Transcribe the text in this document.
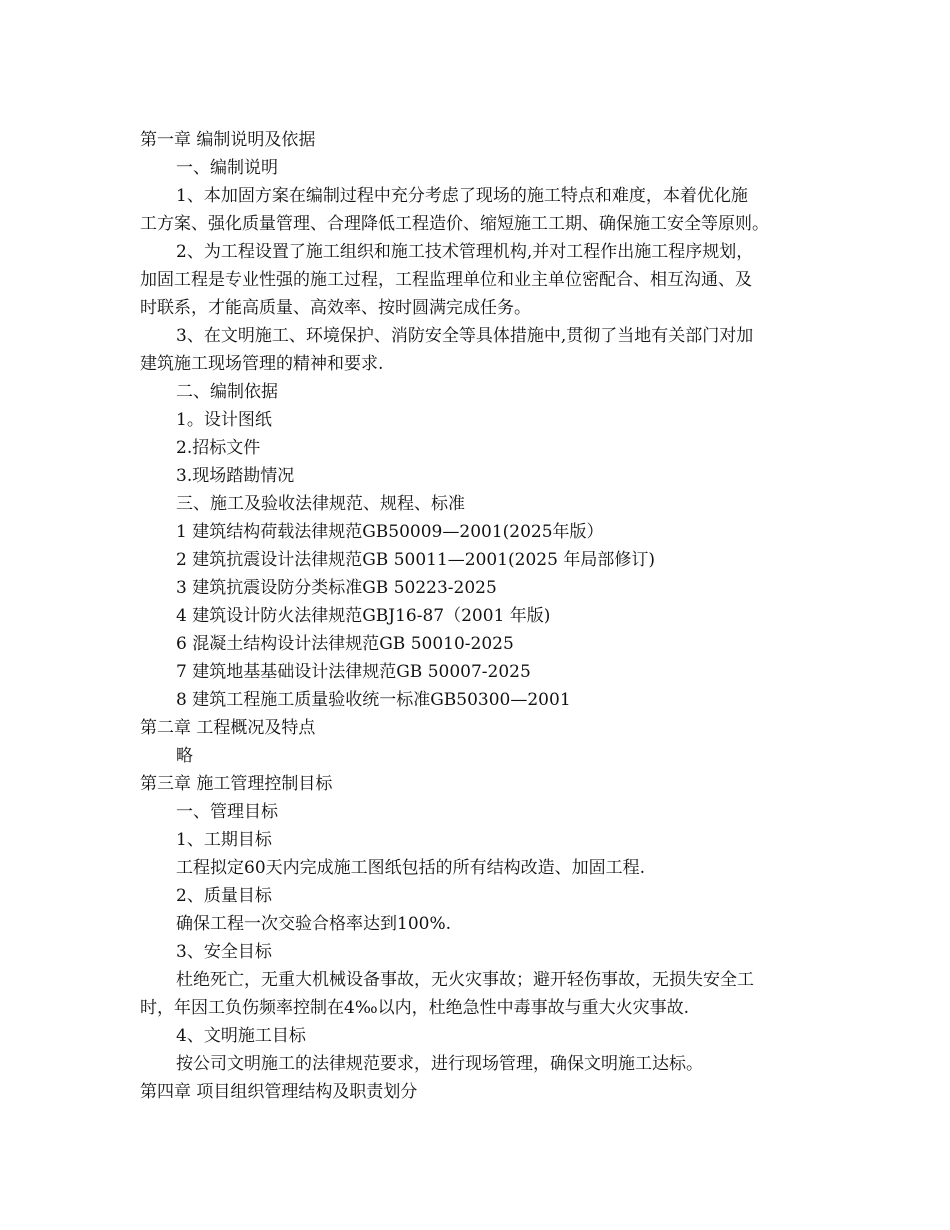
第一章 编制说明及依据
一、编制说明
1、本加固方案在编制过程中充分考虑了现场的施工特点和难度，本着优化施
工方案、强化质量管理、合理降低工程造价、缩短施工工期、确保施工安全等原则。
2、为工程设置了施工组织和施工技术管理机构,并对工程作出施工程序规划，
加固工程是专业性强的施工过程，工程监理单位和业主单位密配合、相互沟通、及
时联系，才能高质量、高效率、按时圆满完成任务。
3、在文明施工、环境保护、消防安全等具体措施中,贯彻了当地有关部门对加
建筑施工现场管理的精神和要求.
二、编制依据
1。设计图纸
2.招标文件
3.现场踏勘情况
三、施工及验收法律规范、规程、标准
1 建筑结构荷载法律规范GB50009—2001(2025年版）
2 建筑抗震设计法律规范GB 50011—2001(2025 年局部修订)
3 建筑抗震设防分类标准GB 50223-2025
4 建筑设计防火法律规范GBJ16-87（2001 年版)
6 混凝土结构设计法律规范GB 50010-2025
7 建筑地基基础设计法律规范GB 50007-2025
8 建筑工程施工质量验收统一标准GB50300—2001
第二章 工程概况及特点
略
第三章 施工管理控制目标
一、管理目标
1、工期目标
工程拟定60天内完成施工图纸包括的所有结构改造、加固工程.
2、质量目标
确保工程一次交验合格率达到100%.
3、安全目标
杜绝死亡，无重大机械设备事故，无火灾事故；避开轻伤事故，无损失安全工
时，年因工负伤频率控制在4‰以内，杜绝急性中毒事故与重大火灾事故.
4、文明施工目标
按公司文明施工的法律规范要求，进行现场管理，确保文明施工达标。
第四章 项目组织管理结构及职责划分
